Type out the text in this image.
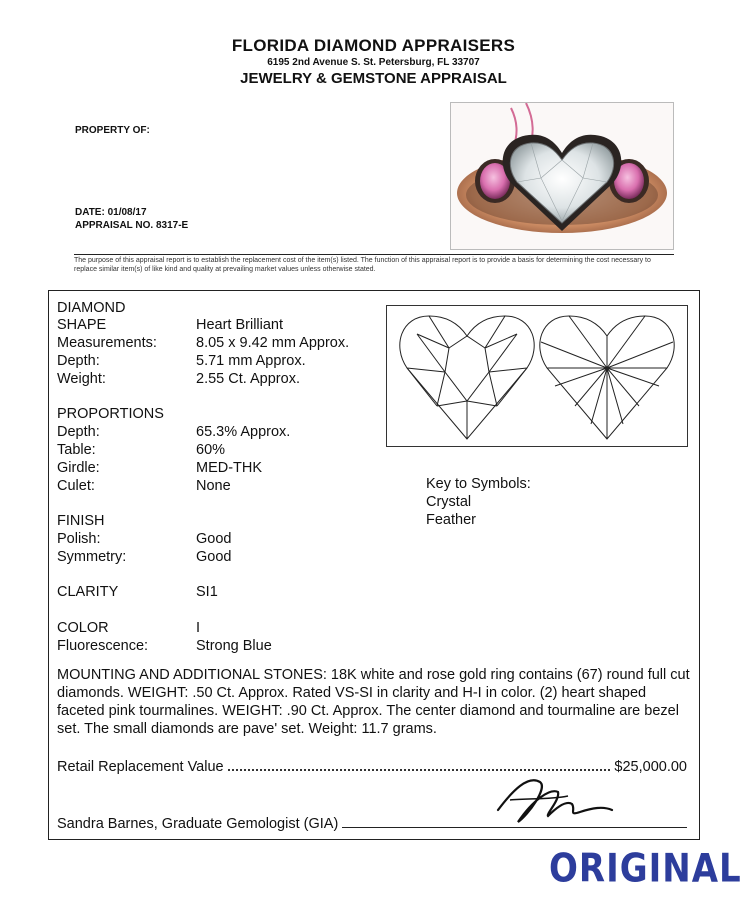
FLORIDA DIAMOND APPRAISERS
6195 2nd Avenue S. St. Petersburg, FL 33707
JEWELRY & GEMSTONE APPRAISAL
PROPERTY OF:
DATE: 01/08/17
APPRAISAL NO. 8317-E
The purpose of this appraisal report is to establish the replacement cost of the item(s) listed. The function of this appraisal report is to provide a basis for determining the cost necessary to replace similar item(s) of like kind and quality at prevailing market values unless otherwise stated.
DIAMOND
SHAPE	Heart Brilliant
Measurements:	8.05 x 9.42 mm Approx.
Depth:	5.71 mm Approx.
Weight:	2.55 Ct. Approx.
PROPORTIONS
Depth:	65.3% Approx.
Table:	60%
Girdle:	MED-THK
Culet:	None
FINISH
Polish:	Good
Symmetry:	Good
CLARITY	SI1
COLOR	I
Fluorescence:	Strong Blue
Key to Symbols:
Crystal
Feather
MOUNTING AND ADDITIONAL STONES: 18K white and rose gold ring contains (67) round full cut diamonds. WEIGHT: .50 Ct. Approx. Rated VS-SI in clarity and H-I in color. (2) heart shaped faceted pink tourmalines. WEIGHT: .90 Ct. Approx. The center diamond and tourmaline are bezel set. The small diamonds are pave' set. Weight: 11.7 grams.
Retail Replacement Value	$25,000.00
Sandra Barnes, Graduate Gemologist (GIA)
ORIGINAL
